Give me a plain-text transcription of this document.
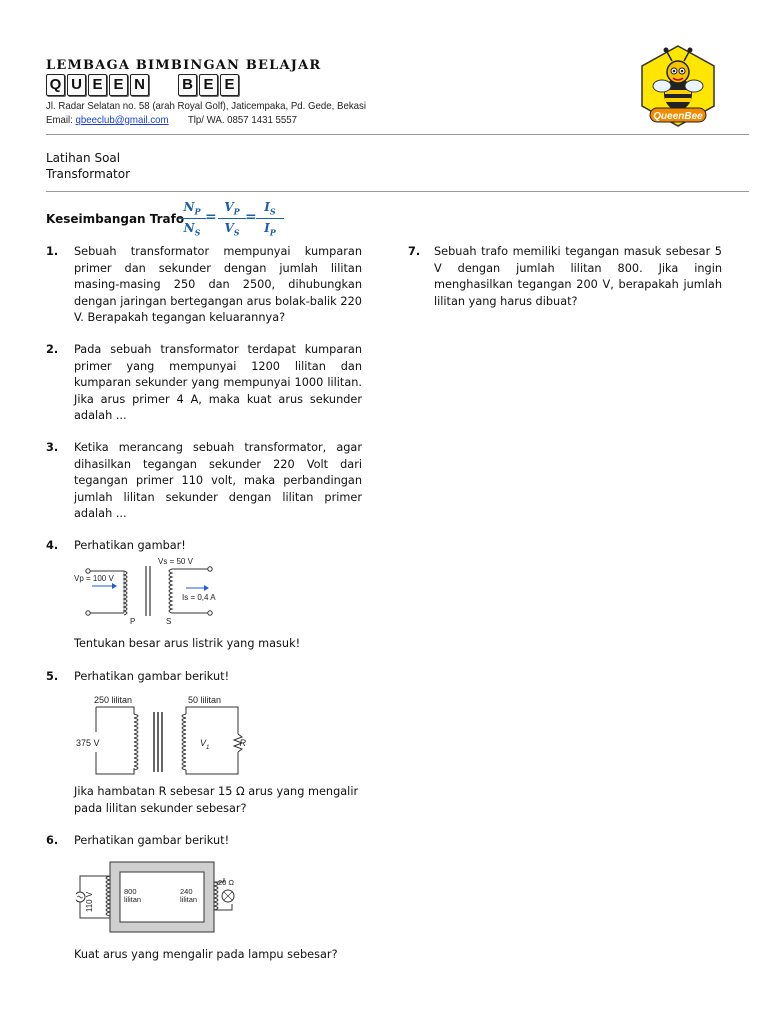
LEMBAGA BIMBINGAN BELAJAR
Q U E E N B E E
Jl. Radar Selatan no. 58 (arah Royal Golf), Jaticempaka, Pd. Gede, Bekasi
Email: qbeeclub@gmail.com Tlp/ WA. 0857 1431 5557	QueenBee
Latihan Soal
Transformator
Keseimbangan Trafo
$\frac{N_P}{N_S} = \frac{V_P}{V_S} = \frac{I_S}{I_P}$
1. Sebuah transformator mempunyai kumparan primer dan sekunder dengan jumlah lilitan masing-masing 250 dan 2500, dihubungkan dengan jaringan bertegangan arus bolak-balik 220 V. Berapakah tegangan keluarannya?
2. Pada sebuah transformator terdapat kumparan primer yang mempunyai 1200 lilitan dan kumparan sekunder yang mempunyai 1000 lilitan. Jika arus primer 4 A, maka kuat arus sekunder adalah ...
3. Ketika merancang sebuah transformator, agar dihasilkan tegangan sekunder 220 Volt dari tegangan primer 110 volt, maka perbandingan jumlah lilitan sekunder dengan lilitan primer adalah ...
4. Perhatikan gambar!
Vp = 100 V
Vs = 50 V
Is = 0,4 A
P	S
Tentukan besar arus listrik yang masuk!
5. Perhatikan gambar berikut!
250 lilitan	50 lilitan
375 V	$V_1$	R
Jika hambatan R sebesar 15 Ω arus yang mengalir pada lilitan sekunder sebesar?
6. Perhatikan gambar berikut!
110 V
800
lilitan
240
lilitan
20 Ω
Kuat arus yang mengalir pada lampu sebesar?
7. Sebuah trafo memiliki tegangan masuk sebesar 5 V dengan jumlah lilitan 800. Jika ingin menghasilkan tegangan 200 V, berapakah jumlah lilitan yang harus dibuat?
